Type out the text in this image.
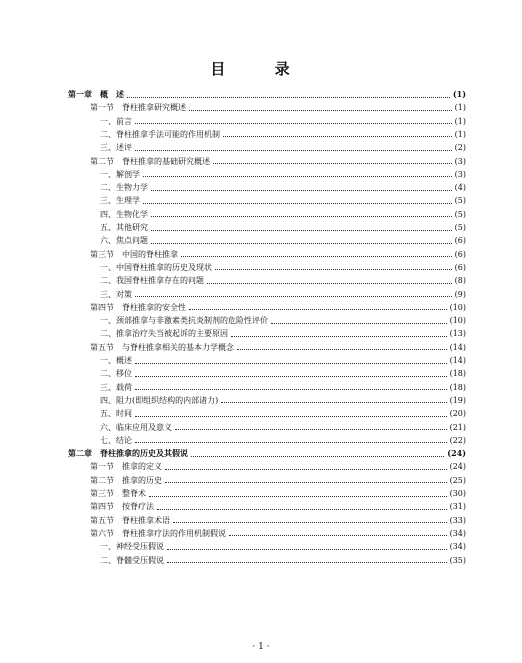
目 录
第一章　概　述	(1)
第一节　脊柱推拿研究概述	(1)
一、前言	(1)
二、脊柱推拿手法可能的作用机制	(1)
三、述评	(2)
第二节　脊柱推拿的基础研究概述	(3)
一、解剖学	(3)
二、生物力学	(4)
三、生理学	(5)
四、生物化学	(5)
五、其他研究	(5)
六、焦点问题	(6)
第三节　中国的脊柱推拿	(6)
一、中国脊柱推拿的历史及现状	(6)
二、我国脊柱推拿存在的问题	(8)
三、对策	(9)
第四节　脊柱推拿的安全性	(10)
一、颈部推拿与非激素类抗炎制剂的危险性评价	(10)
二、推拿治疗失当被起诉的主要原因	(13)
第五节　与脊柱推拿相关的基本力学概念	(14)
一、概述	(14)
二、移位	(18)
三、载荷	(18)
四、阻力(即组织结构的内部诸力)	(19)
五、时间	(20)
六、临床应用及意义	(21)
七、结论	(22)
第二章　脊柱推拿的历史及其假说	(24)
第一节　推拿的定义	(24)
第二节　推拿的历史	(25)
第三节　整脊术	(30)
第四节　按脊疗法	(31)
第五节　脊柱推拿术语	(33)
第六节　脊柱推拿疗法的作用机制假说	(34)
一、神经受压假说	(34)
二、脊髓受压假说	(35)
· 1 ·
